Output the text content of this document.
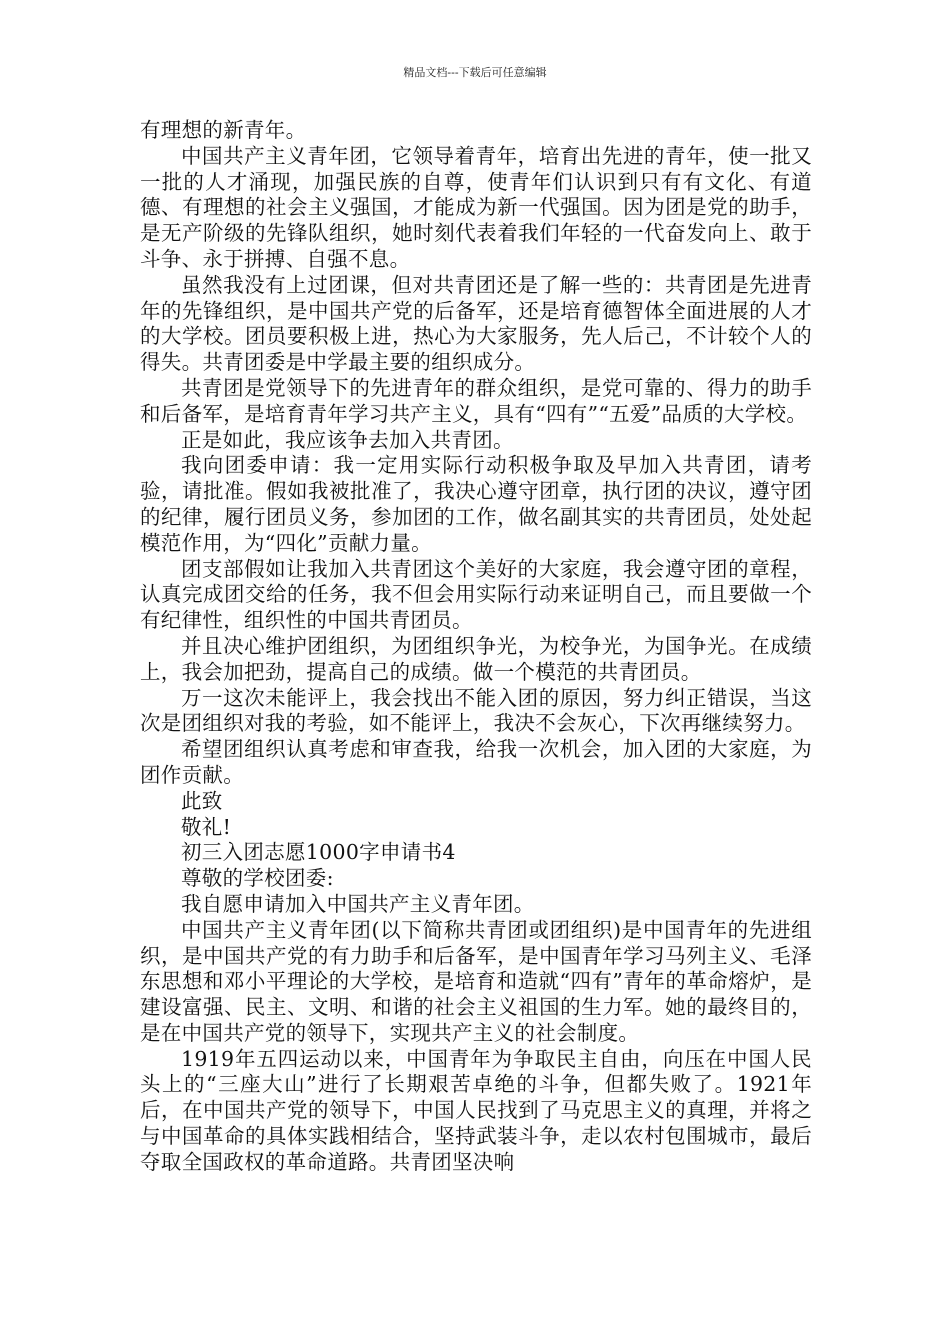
精品文档---下载后可任意编辑

有理想的新青年。

中国共产主义青年团，它领导着青年，培育出先进的青年，使一批又一批的人才涌现，加强民族的自尊，使青年们认识到只有有文化、有道德、有理想的社会主义强国，才能成为新一代强国。因为团是党的助手，是无产阶级的先锋队组织，她时刻代表着我们年轻的一代奋发向上、敢于斗争、永于拼搏、自强不息。

虽然我没有上过团课，但对共青团还是了解一些的：共青团是先进青年的先锋组织，是中国共产党的后备军，还是培育德智体全面进展的人才的大学校。团员要积极上进，热心为大家服务，先人后己，不计较个人的得失。共青团委是中学最主要的组织成分。

共青团是党领导下的先进青年的群众组织，是党可靠的、得力的助手和后备军，是培育青年学习共产主义，具有“四有”“五爱”品质的大学校。

正是如此，我应该争去加入共青团。

我向团委申请：我一定用实际行动积极争取及早加入共青团，请考验，请批准。假如我被批准了，我决心遵守团章，执行团的决议，遵守团的纪律，履行团员义务，参加团的工作，做名副其实的共青团员，处处起模范作用，为“四化”贡献力量。

团支部假如让我加入共青团这个美好的大家庭，我会遵守团的章程，认真完成团交给的任务，我不但会用实际行动来证明自己，而且要做一个有纪律性，组织性的中国共青团员。

并且决心维护团组织，为团组织争光，为校争光，为国争光。在成绩上，我会加把劲，提高自己的成绩。做一个模范的共青团员。

万一这次未能评上，我会找出不能入团的原因，努力纠正错误，当这次是团组织对我的考验，如不能评上，我决不会灰心，下次再继续努力。

希望团组织认真考虑和审查我，给我一次机会，加入团的大家庭，为团作贡献。

此致

敬礼!

初三入团志愿1000字申请书4

尊敬的学校团委:

我自愿申请加入中国共产主义青年团。

中国共产主义青年团(以下简称共青团或团组织)是中国青年的先进组织，是中国共产党的有力助手和后备军，是中国青年学习马列主义、毛泽东思想和邓小平理论的大学校，是培育和造就“四有”青年的革命熔炉，是建设富强、民主、文明、和谐的社会主义祖国的生力军。她的最终目的，是在中国共产党的领导下，实现共产主义的社会制度。

1919年五四运动以来，中国青年为争取民主自由，向压在中国人民头上的“三座大山”进行了长期艰苦卓绝的斗争，但都失败了。1921年后，在中国共产党的领导下，中国人民找到了马克思主义的真理，并将之与中国革命的具体实践相结合，坚持武装斗争，走以农村包围城市，最后夺取全国政权的革命道路。共青团坚决响
